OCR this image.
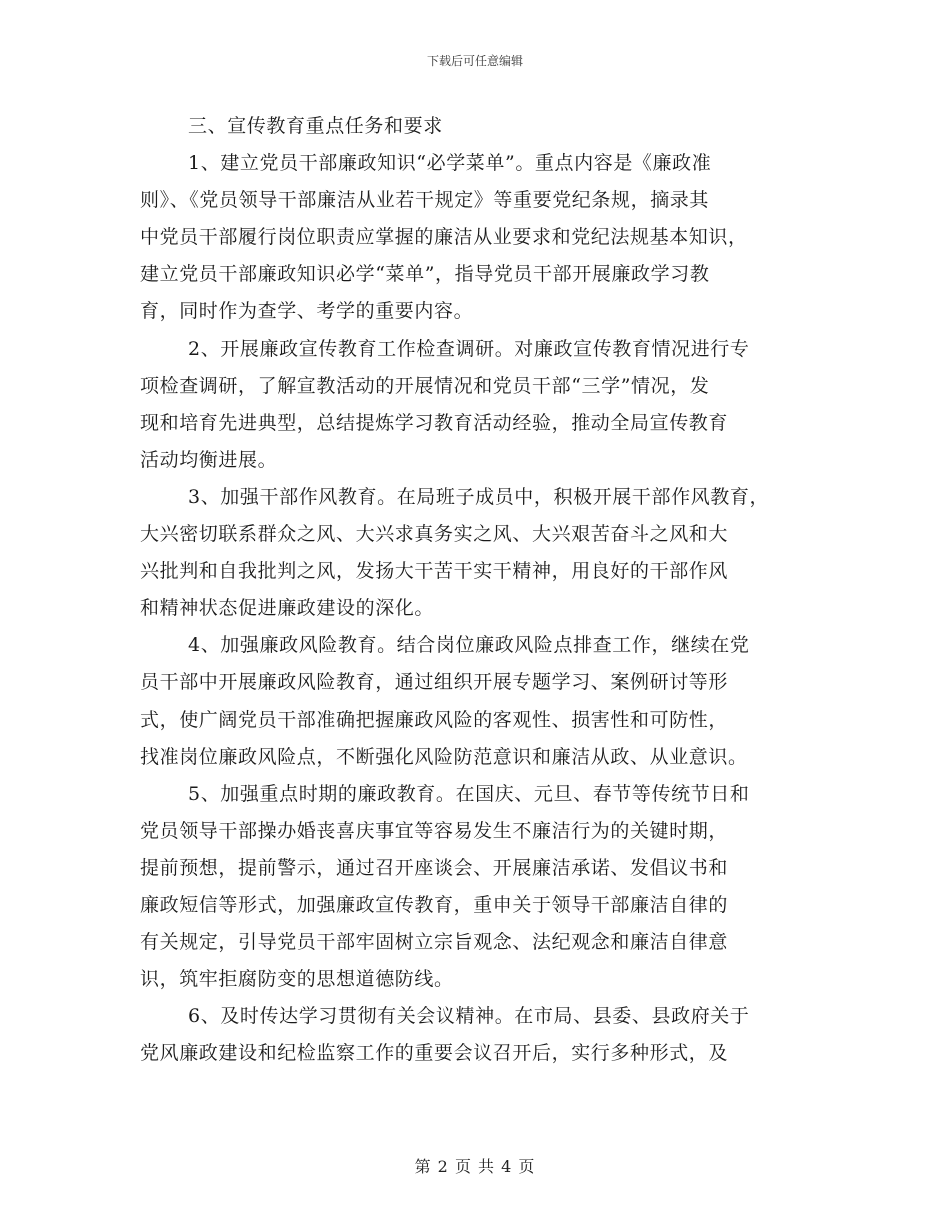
下载后可任意编辑
三、宣传教育重点任务和要求
1、建立党员干部廉政知识“必学菜单”。重点内容是《廉政准
则》、《党员领导干部廉洁从业若干规定》等重要党纪条规，摘录其
中党员干部履行岗位职责应掌握的廉洁从业要求和党纪法规基本知识，
建立党员干部廉政知识必学“菜单”，指导党员干部开展廉政学习教
育，同时作为查学、考学的重要内容。
2、开展廉政宣传教育工作检查调研。对廉政宣传教育情况进行专
项检查调研，了解宣教活动的开展情况和党员干部“三学”情况，发
现和培育先进典型，总结提炼学习教育活动经验，推动全局宣传教育
活动均衡进展。
3、加强干部作风教育。在局班子成员中，积极开展干部作风教育，
大兴密切联系群众之风、大兴求真务实之风、大兴艰苦奋斗之风和大
兴批判和自我批判之风，发扬大干苦干实干精神，用良好的干部作风
和精神状态促进廉政建设的深化。
4、加强廉政风险教育。结合岗位廉政风险点排查工作，继续在党
员干部中开展廉政风险教育，通过组织开展专题学习、案例研讨等形
式，使广阔党员干部准确把握廉政风险的客观性、损害性和可防性，
找准岗位廉政风险点，不断强化风险防范意识和廉洁从政、从业意识。
5、加强重点时期的廉政教育。在国庆、元旦、春节等传统节日和
党员领导干部操办婚丧喜庆事宜等容易发生不廉洁行为的关键时期，
提前预想，提前警示，通过召开座谈会、开展廉洁承诺、发倡议书和
廉政短信等形式，加强廉政宣传教育，重申关于领导干部廉洁自律的
有关规定，引导党员干部牢固树立宗旨观念、法纪观念和廉洁自律意
识，筑牢拒腐防变的思想道德防线。
6、及时传达学习贯彻有关会议精神。在市局、县委、县政府关于
党风廉政建设和纪检监察工作的重要会议召开后，实行多种形式，及
第 2 页 共 4 页
